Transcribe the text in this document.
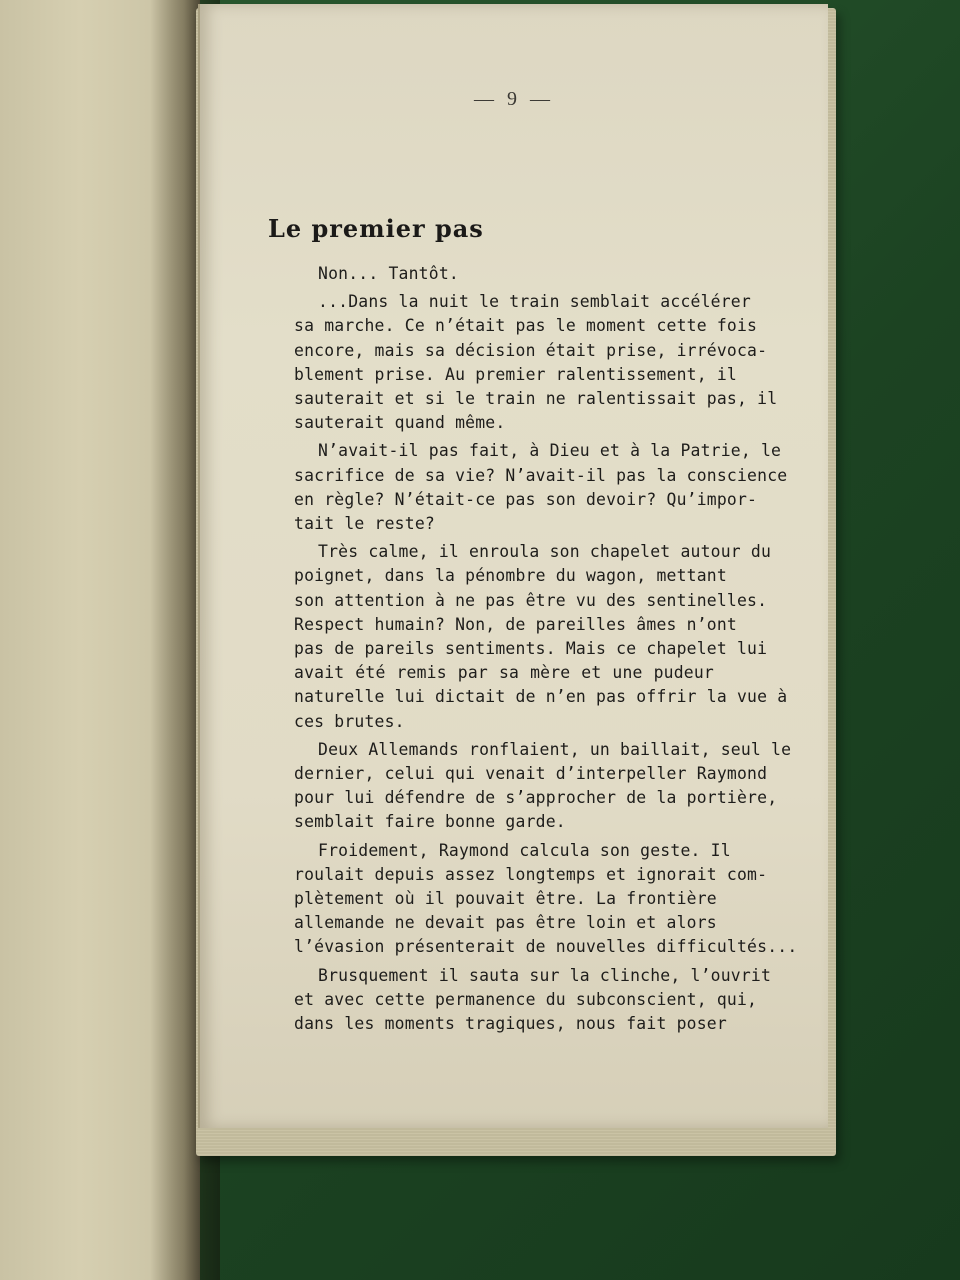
— 9 —
Le premier pas

Non... Tantôt.

...Dans la nuit le train semblait accélérer
sa marche. Ce n’était pas le moment cette fois
encore, mais sa décision était prise, irrévoca-
blement prise. Au premier ralentissement, il
sauterait et si le train ne ralentissait pas, il
sauterait quand même.

N’avait-il pas fait, à Dieu et à la Patrie, le
sacrifice de sa vie? N’avait-il pas la conscience
en règle? N’était-ce pas son devoir? Qu’impor-
tait le reste?

Très calme, il enroula son chapelet autour du
poignet, dans la pénombre du wagon, mettant
son attention à ne pas être vu des sentinelles.
Respect humain? Non, de pareilles âmes n’ont
pas de pareils sentiments. Mais ce chapelet lui
avait été remis par sa mère et une pudeur
naturelle lui dictait de n’en pas offrir la vue à
ces brutes.

Deux Allemands ronflaient, un baillait, seul le
dernier, celui qui venait d’interpeller Raymond
pour lui défendre de s’approcher de la portière,
semblait faire bonne garde.

Froidement, Raymond calcula son geste. Il
roulait depuis assez longtemps et ignorait com-
plètement où il pouvait être. La frontière
allemande ne devait pas être loin et alors
l’évasion présenterait de nouvelles difficultés...

Brusquement il sauta sur la clinche, l’ouvrit
et avec cette permanence du subconscient, qui,
dans les moments tragiques, nous fait poser
